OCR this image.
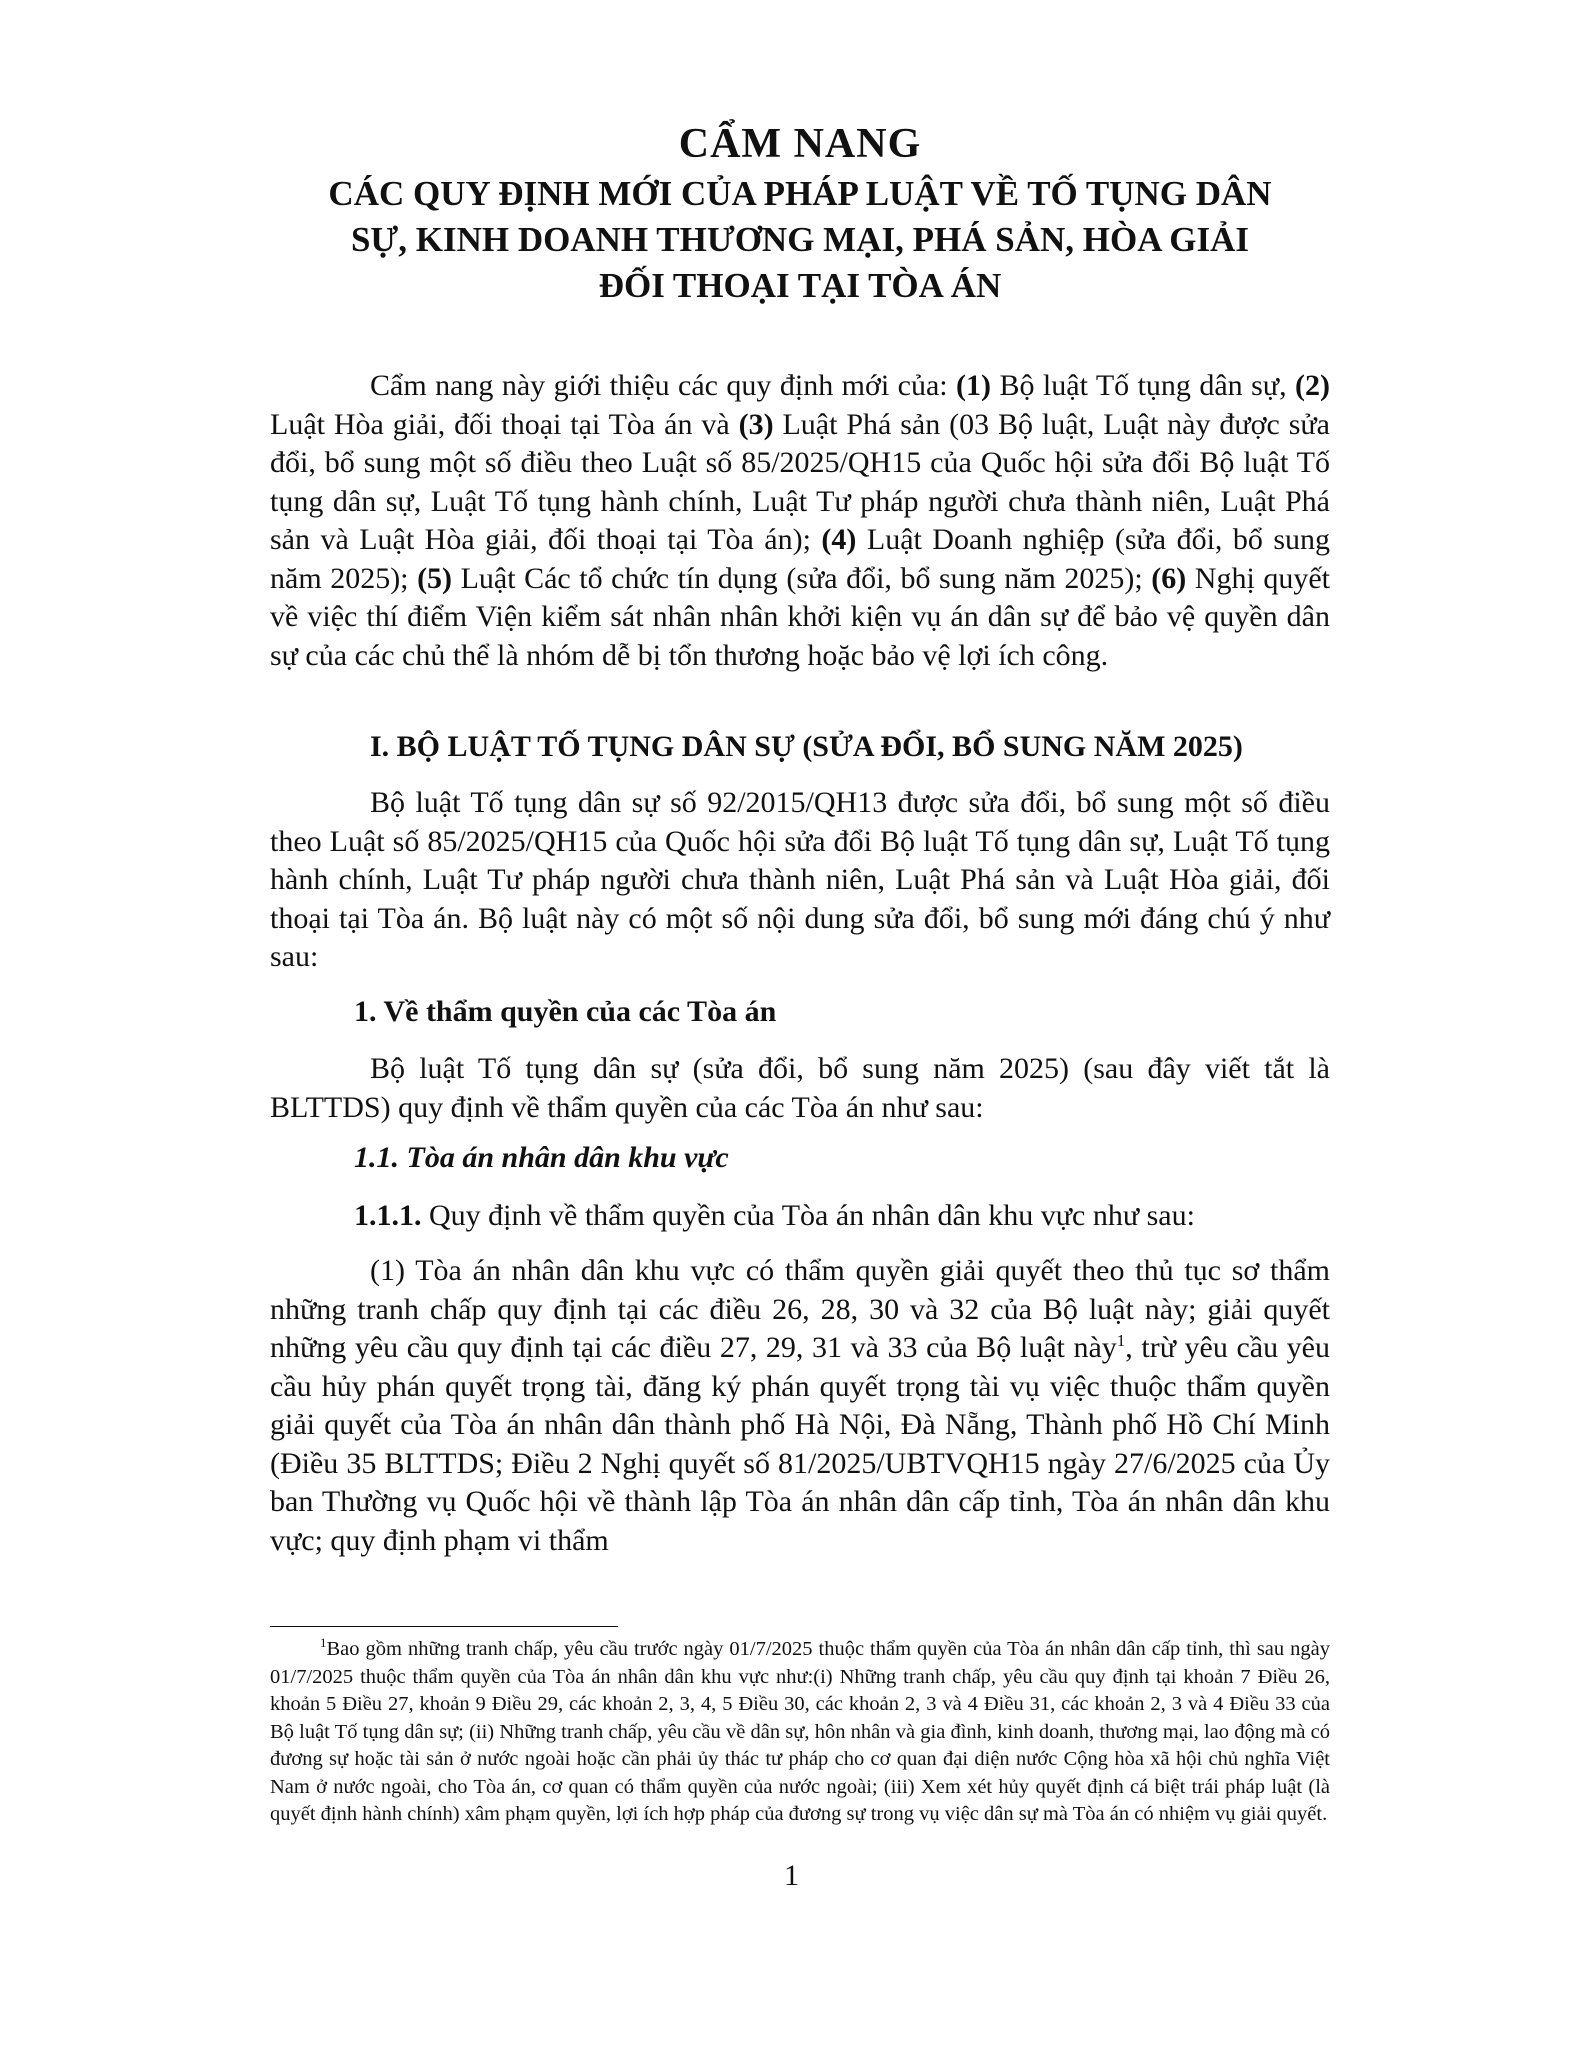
CẨM NANG
CÁC QUY ĐỊNH MỚI CỦA PHÁP LUẬT VỀ TỐ TỤNG DÂN
SỰ, KINH DOANH THƯƠNG MẠI, PHÁ SẢN, HÒA GIẢI
ĐỐI THOẠI TẠI TÒA ÁN

Cẩm nang này giới thiệu các quy định mới của: (1) Bộ luật Tố tụng dân sự, (2) Luật Hòa giải, đối thoại tại Tòa án và (3) Luật Phá sản (03 Bộ luật, Luật này được sửa đổi, bổ sung một số điều theo Luật số 85/2025/QH15 của Quốc hội sửa đổi Bộ luật Tố tụng dân sự, Luật Tố tụng hành chính, Luật Tư pháp người chưa thành niên, Luật Phá sản và Luật Hòa giải, đối thoại tại Tòa án); (4) Luật Doanh nghiệp (sửa đổi, bổ sung năm 2025); (5) Luật Các tổ chức tín dụng (sửa đổi, bổ sung năm 2025); (6) Nghị quyết về việc thí điểm Viện kiểm sát nhân nhân khởi kiện vụ án dân sự để bảo vệ quyền dân sự của các chủ thể là nhóm dễ bị tổn thương hoặc bảo vệ lợi ích công.

I. BỘ LUẬT TỐ TỤNG DÂN SỰ (SỬA ĐỔI, BỔ SUNG NĂM 2025)

Bộ luật Tố tụng dân sự số 92/2015/QH13 được sửa đổi, bổ sung một số điều theo Luật số 85/2025/QH15 của Quốc hội sửa đổi Bộ luật Tố tụng dân sự, Luật Tố tụng hành chính, Luật Tư pháp người chưa thành niên, Luật Phá sản và Luật Hòa giải, đối thoại tại Tòa án. Bộ luật này có một số nội dung sửa đổi, bổ sung mới đáng chú ý như sau:

1. Về thẩm quyền của các Tòa án

Bộ luật Tố tụng dân sự (sửa đổi, bổ sung năm 2025) (sau đây viết tắt là BLTTDS) quy định về thẩm quyền của các Tòa án như sau:

1.1. Tòa án nhân dân khu vực
1.1.1. Quy định về thẩm quyền của Tòa án nhân dân khu vực như sau:

(1) Tòa án nhân dân khu vực có thẩm quyền giải quyết theo thủ tục sơ thẩm những tranh chấp quy định tại các điều 26, 28, 30 và 32 của Bộ luật này; giải quyết những yêu cầu quy định tại các điều 27, 29, 31 và 33 của Bộ luật này$^1$, trừ yêu cầu yêu cầu hủy phán quyết trọng tài, đăng ký phán quyết trọng tài vụ việc thuộc thẩm quyền giải quyết của Tòa án nhân dân thành phố Hà Nội, Đà Nẵng, Thành phố Hồ Chí Minh (Điều 35 BLTTDS; Điều 2 Nghị quyết số 81/2025/UBTVQH15 ngày 27/6/2025 của Ủy ban Thường vụ Quốc hội về thành lập Tòa án nhân dân cấp tỉnh, Tòa án nhân dân khu vực; quy định phạm vi thẩm

$^1$Bao gồm những tranh chấp, yêu cầu trước ngày 01/7/2025 thuộc thẩm quyền của Tòa án nhân dân cấp tỉnh, thì sau ngày 01/7/2025 thuộc thẩm quyền của Tòa án nhân dân khu vực như:(i) Những tranh chấp, yêu cầu quy định tại khoản 7 Điều 26, khoản 5 Điều 27, khoản 9 Điều 29, các khoản 2, 3, 4, 5 Điều 30, các khoản 2, 3 và 4 Điều 31, các khoản 2, 3 và 4 Điều 33 của Bộ luật Tố tụng dân sự; (ii) Những tranh chấp, yêu cầu về dân sự, hôn nhân và gia đình, kinh doanh, thương mại, lao động mà có đương sự hoặc tài sản ở nước ngoài hoặc cần phải ủy thác tư pháp cho cơ quan đại diện nước Cộng hòa xã hội chủ nghĩa Việt Nam ở nước ngoài, cho Tòa án, cơ quan có thẩm quyền của nước ngoài; (iii) Xem xét hủy quyết định cá biệt trái pháp luật (là quyết định hành chính) xâm phạm quyền, lợi ích hợp pháp của đương sự trong vụ việc dân sự mà Tòa án có nhiệm vụ giải quyết.

1
